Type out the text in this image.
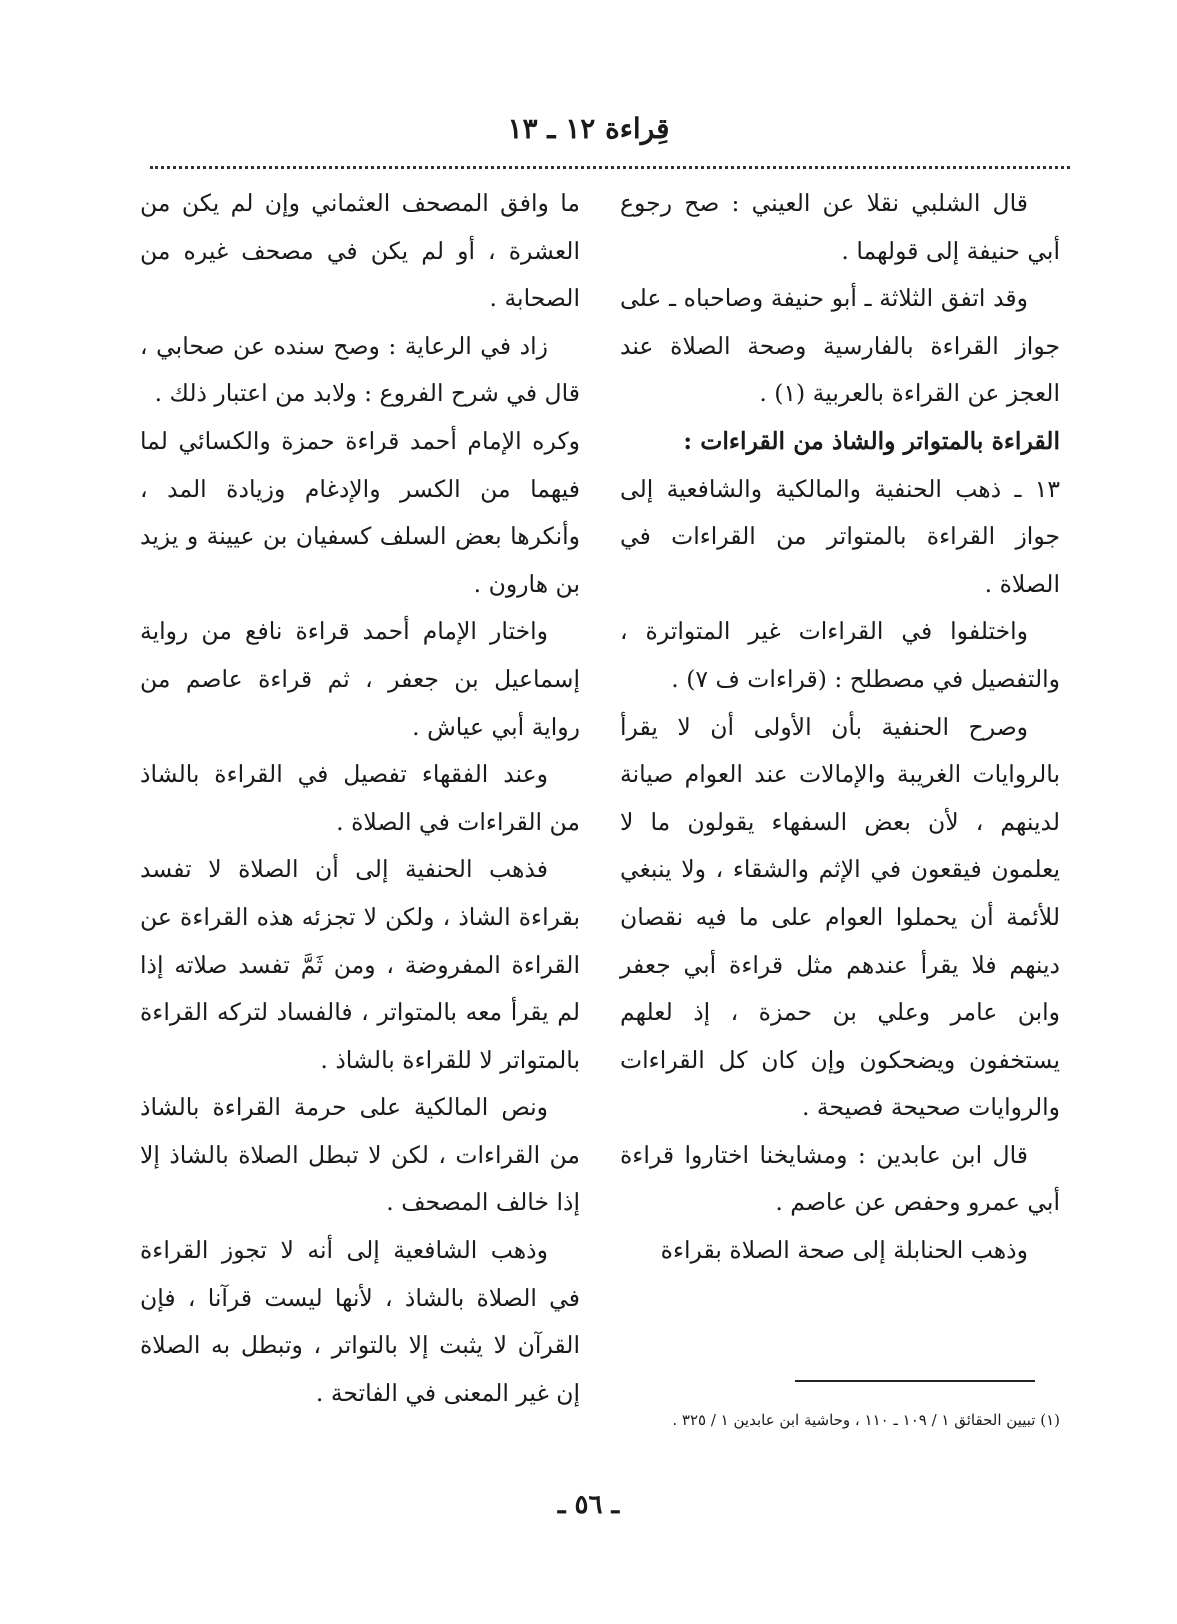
قِراءة ١٢ ـ ١٣

قال الشلبي نقلا عن العيني : صح رجوع أبي حنيفة إلى قولهما .

وقد اتفق الثلاثة ـ أبو حنيفة وصاحباه ـ على جواز القراءة بالفارسية وصحة الصلاة عند العجز عن القراءة بالعربية (١) .

القراءة بالمتواتر والشاذ من القراءات :

١٣ ـ ذهب الحنفية والمالكية والشافعية إلى جواز القراءة بالمتواتر من القراءات في الصلاة .

واختلفوا في القراءات غير المتواترة ، والتفصيل في مصطلح : (قراءات ف ٧) .

وصرح الحنفية بأن الأولى أن لا يقرأ بالروايات الغريبة والإمالات عند العوام صيانة لدينهم ، لأن بعض السفهاء يقولون ما لا يعلمون فيقعون في الإثم والشقاء ، ولا ينبغي للأئمة أن يحملوا العوام على ما فيه نقصان دينهم فلا يقرأ عندهم مثل قراءة أبي جعفر وابن عامر وعلي بن حمزة ، إذ لعلهم يستخفون ويضحكون وإن كان كل القراءات والروايات صحيحة فصيحة .

قال ابن عابدين : ومشايخنا اختاروا قراءة أبي عمرو وحفص عن عاصم .

وذهب الحنابلة إلى صحة الصلاة بقراءة

ما وافق المصحف العثماني وإن لم يكن من العشرة ، أو لم يكن في مصحف غيره من الصحابة .

زاد في الرعاية : وصح سنده عن صحابي ، قال في شرح الفروع : ولابد من اعتبار ذلك .

وكره الإمام أحمد قراءة حمزة والكسائي لما فيهما من الكسر والإدغام وزيادة المد ، وأنكرها بعض السلف كسفيان بن عيينة و يزيد بن هارون .

واختار الإمام أحمد قراءة نافع من رواية إسماعيل بن جعفر ، ثم قراءة عاصم من رواية أبي عياش .

وعند الفقهاء تفصيل في القراءة بالشاذ من القراءات في الصلاة .

فذهب الحنفية إلى أن الصلاة لا تفسد بقراءة الشاذ ، ولكن لا تجزئه هذه القراءة عن القراءة المفروضة ، ومن ثَمَّ تفسد صلاته إذا لم يقرأ معه بالمتواتر ، فالفساد لتركه القراءة بالمتواتر لا للقراءة بالشاذ .

ونص المالكية على حرمة القراءة بالشاذ من القراءات ، لكن لا تبطل الصلاة بالشاذ إلا إذا خالف المصحف .

وذهب الشافعية إلى أنه لا تجوز القراءة في الصلاة بالشاذ ، لأنها ليست قرآنا ، فإن القرآن لا يثبت إلا بالتواتر ، وتبطل به الصلاة إن غير المعنى في الفاتحة .

(١) تبيين الحقائق ١ / ١٠٩ ـ ١١٠ ، وحاشية ابن عابدين ١ / ٣٢٥ .
ـ ٥٦ ـ
